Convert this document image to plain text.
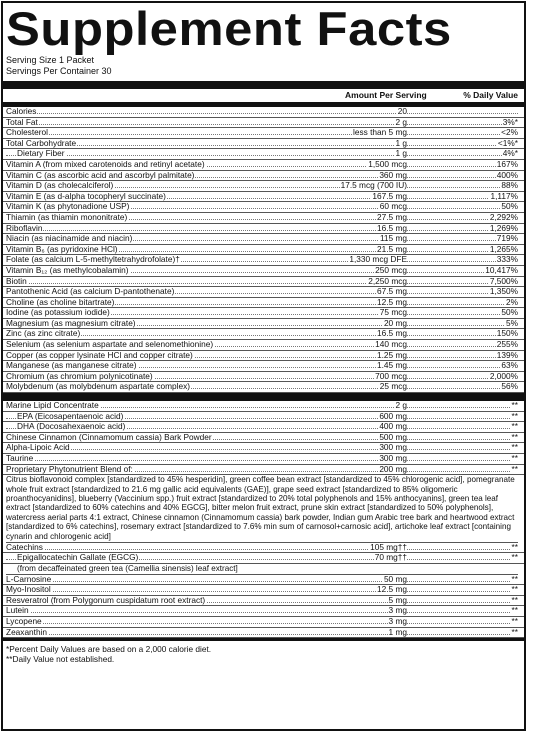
Supplement Facts
Serving Size 1 Packet
Servings Per Container 30
Amount Per Serving	% Daily Value
Calories	20
Total Fat	2 g	3%*
Cholesterol	less than 5 mg	<2%
Total Carbohydrate	1 g	<1%*
Dietary Fiber	1 g	4%*
Vitamin A (from mixed carotenoids and retinyl acetate)	1,500 mcg	167%
Vitamin C (as ascorbic acid and ascorbyl palmitate)	360 mg	400%
Vitamin D (as cholecalciferol)	17.5 mcg (700 IU)	88%
Vitamin E (as d-alpha tocopheryl succinate)	167.5 mg	1,117%
Vitamin K (as phytonadione USP)	60 mcg	50%
Thiamin (as thiamin mononitrate)	27.5 mg	2,292%
Riboflavin	16.5 mg	1,269%
Niacin (as niacinamide and niacin)	115 mg	719%
Vitamin B₆ (as pyridoxine HCl)	21.5 mg	1,265%
Folate (as calcium L-5-methyltetrahydrofolate)†	1,330 mcg DFE	333%
Vitamin B₁₂ (as methylcobalamin)	250 mcg	10,417%
Biotin	2,250 mcg	7,500%
Pantothenic Acid (as calcium D-pantothenate)	67.5 mg	1,350%
Choline (as choline bitartrate)	12.5 mg	2%
Iodine (as potassium iodide)	75 mcg	50%
Magnesium (as magnesium citrate)	20 mg	5%
Zinc (as zinc citrate)	16.5 mg	150%
Selenium (as selenium aspartate and selenomethionine)	140 mcg	255%
Copper (as copper lysinate HCl and copper citrate)	1.25 mg	139%
Manganese (as manganese citrate)	1.45 mg	63%
Chromium (as chromium polynicotinate)	700 mcg	2,000%
Molybdenum (as molybdenum aspartate complex)	25 mcg	56%
Marine Lipid Concentrate	2 g	**
EPA (Eicosapentaenoic acid)	600 mg	**
DHA (Docosahexaenoic acid)	400 mg	**
Chinese Cinnamon (Cinnamomum cassia) Bark Powder	500 mg	**
Alpha-Lipoic Acid	300 mg	**
Taurine	300 mg	**
Proprietary Phytonutrient Blend of:	200 mg	**
Citrus bioflavonoid complex [standardized to 45% hesperidin], green coffee bean extract [standardized to 45% chlorogenic acid], pomegranate whole fruit extract [standardized to 21.6 mg gallic acid equivalents (GAE)], grape seed extract [standardized to 85% oligomeric proanthocyanidins], blueberry (Vaccinium spp.) fruit extract [standardized to 20% total polyphenols and 15% anthocyanins], green tea leaf extract [standardized to 60% catechins and 40% EGCG], bitter melon fruit extract, prune skin extract [standardized to 50% polyphenols], watercress aerial parts 4:1 extract, Chinese cinnamon (Cinnamomum cassia) bark powder, Indian gum Arabic tree bark and heartwood extract [standardized to 6% catechins], rosemary extract [standardized to 7.6% min sum of carnosol+carnosic acid], artichoke leaf extract [containing cynarin and chlorogenic acid]
Catechins	105 mg††	**
Epigallocatechin Gallate (EGCG)	70 mg††	**
(from decaffeinated green tea (Camellia sinensis) leaf extract]
L-Carnosine	50 mg	**
Myo-Inositol	12.5 mg	**
Resveratrol (from Polygonum cuspidatum root extract)	5 mg	**
Lutein	3 mg	**
Lycopene	3 mg	**
Zeaxanthin	1 mg	**
*Percent Daily Values are based on a 2,000 calorie diet.
**Daily Value not established.
